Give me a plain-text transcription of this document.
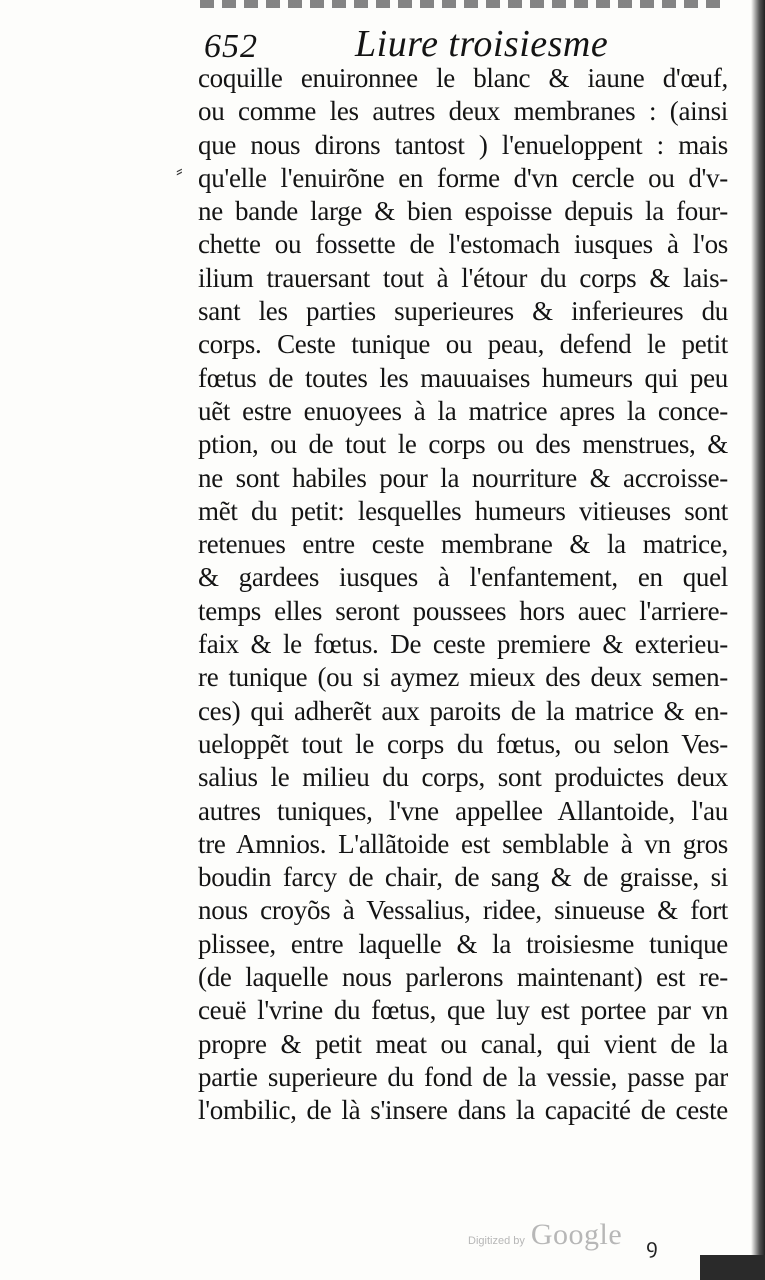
652	Liure troisiesme
⸗
coquille enuironnee le blanc & iaune d'œuf,
ou comme les autres deux membranes : (ainsi
que nous dirons tantost ) l'enueloppent : mais
qu'elle l'enuirõne en forme d'vn cercle ou d'v-
ne bande large & bien espoisse depuis la four-
chette ou fossette de l'estomach iusques à l'os
ilium trauersant tout à l'étour du corps & lais-
sant les parties superieures & inferieures du
corps. Ceste tunique ou peau, defend le petit
fœtus de toutes les mauuaises humeurs qui peu
uẽt estre enuoyees à la matrice apres la conce-
ption, ou de tout le corps ou des menstrues, &
ne sont habiles pour la nourriture & accroisse-
mẽt du petit: lesquelles humeurs vitieuses sont
retenues entre ceste membrane & la matrice,
& gardees iusques à l'enfantement, en quel
temps elles seront poussees hors auec l'arriere-
faix & le fœtus. De ceste premiere & exterieu-
re tunique (ou si aymez mieux des deux semen-
ces) qui adherẽt aux paroits de la matrice & en-
ueloppẽt tout le corps du fœtus, ou selon Ves-
salius le milieu du corps, sont produictes deux
autres tuniques, l'vne appellee Allantoide, l'au
tre Amnios. L'allãtoide est semblable à vn gros
boudin farcy de chair, de sang & de graisse, si
nous croyõs à Vessalius, ridee, sinueuse & fort
plissee, entre laquelle & la troisiesme tunique
(de laquelle nous parlerons maintenant) est re-
ceuë l'vrine du fœtus, que luy est portee par vn
propre & petit meat ou canal, qui vient de la
partie superieure du fond de la vessie, passe par
l'ombilic, de là s'insere dans la capacité de ceste
Digitized by Google ꝯ
